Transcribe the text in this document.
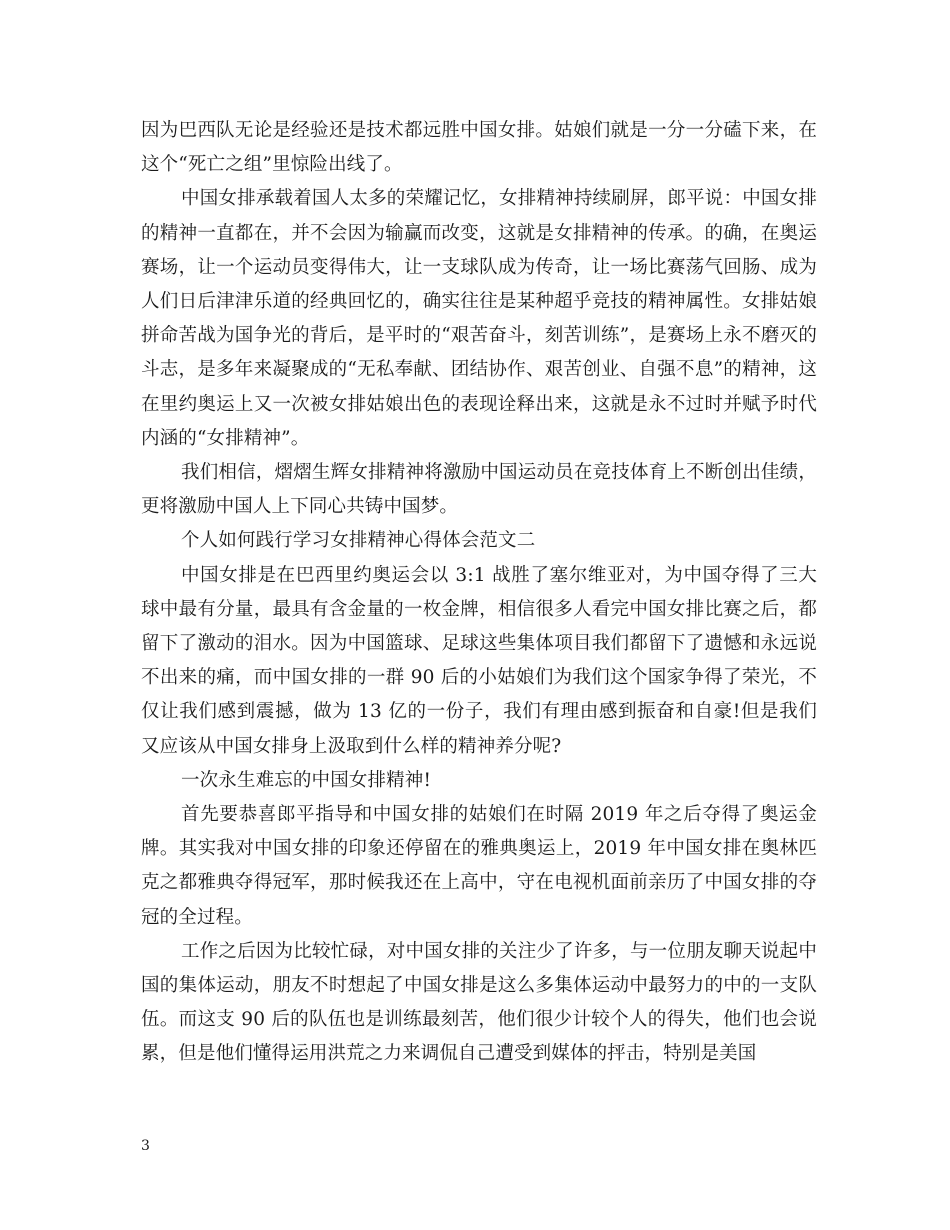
因为巴西队无论是经验还是技术都远胜中国女排。姑娘们就是一分一分磕下来，在这个“死亡之组”里惊险出线了。

中国女排承载着国人太多的荣耀记忆，女排精神持续刷屏，郎平说：中国女排的精神一直都在，并不会因为输赢而改变，这就是女排精神的传承。的确，在奥运赛场，让一个运动员变得伟大，让一支球队成为传奇，让一场比赛荡气回肠、成为人们日后津津乐道的经典回忆的，确实往往是某种超乎竞技的精神属性。女排姑娘拼命苦战为国争光的背后，是平时的“艰苦奋斗，刻苦训练”，是赛场上永不磨灭的斗志，是多年来凝聚成的“无私奉献、团结协作、艰苦创业、自强不息”的精神，这在里约奥运上又一次被女排姑娘出色的表现诠释出来，这就是永不过时并赋予时代内涵的“女排精神”。

我们相信，熠熠生辉女排精神将激励中国运动员在竞技体育上不断创出佳绩，更将激励中国人上下同心共铸中国梦。

个人如何践行学习女排精神心得体会范文二

中国女排是在巴西里约奥运会以 3:1 战胜了塞尔维亚对，为中国夺得了三大球中最有分量，最具有含金量的一枚金牌，相信很多人看完中国女排比赛之后，都留下了激动的泪水。因为中国篮球、足球这些集体项目我们都留下了遗憾和永远说不出来的痛，而中国女排的一群 90 后的小姑娘们为我们这个国家争得了荣光，不仅让我们感到震撼，做为 13 亿的一份子，我们有理由感到振奋和自豪!但是我们又应该从中国女排身上汲取到什么样的精神养分呢?

一次永生难忘的中国女排精神!

首先要恭喜郎平指导和中国女排的姑娘们在时隔 2019 年之后夺得了奥运金牌。其实我对中国女排的印象还停留在的雅典奥运上，2019 年中国女排在奥林匹克之都雅典夺得冠军，那时候我还在上高中，守在电视机面前亲历了中国女排的夺冠的全过程。

工作之后因为比较忙碌，对中国女排的关注少了许多，与一位朋友聊天说起中国的集体运动，朋友不时想起了中国女排是这么多集体运动中最努力的中的一支队伍。而这支 90 后的队伍也是训练最刻苦，他们很少计较个人的得失，他们也会说累，但是他们懂得运用洪荒之力来调侃自己遭受到媒体的抨击，特别是美国

3
